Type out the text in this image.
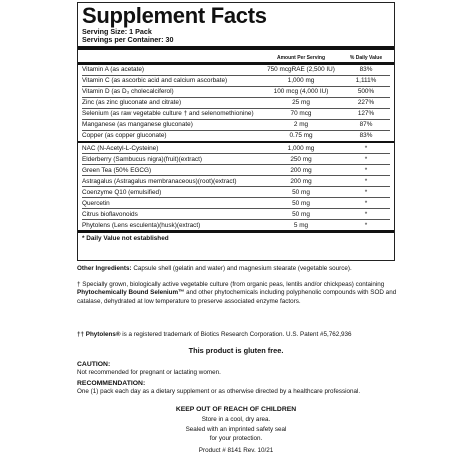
Supplement Facts
Serving Size: 1 Pack
Servings per Container: 30
Amount Per Serving	% Daily Value
Vitamin A (as acetate)	750 mcgRAE (2,500 IU)	83%
Vitamin C (as ascorbic acid and calcium ascorbate)	1,000 mg	1,111%
Vitamin D (as D₃ cholecalciferol)	100 mcg (4,000 IU)	500%
Zinc (as zinc gluconate and citrate)	25 mg	227%
Selenium (as raw vegetable culture † and selenomethionine)	70 mcg	127%
Manganese (as manganese gluconate)	2 mg	87%
Copper (as copper gluconate)	0.75 mg	83%
NAC (N-Acetyl-L-Cysteine)	1,000 mg	*
Elderberry (Sambucus nigra)(fruit)(extract)	250 mg	*
Green Tea (50% EGCG)	200 mg	*
Astragalus (Astragalus membranaceous)(root)(extract)	200 mg	*
Coenzyme Q10 (emulsified)	50 mg	*
Quercetin	50 mg	*
Citrus bioflavonoids	50 mg	*
Phytolens (Lens esculenta)(husk)(extract)	5 mg	*
* Daily Value not established
Other Ingredients: Capsule shell (gelatin and water) and magnesium stearate (vegetable source).
† Specially grown, biologically active vegetable culture (from organic peas, lentils and/or chickpeas) containing Phytochemically Bound Selenium™ and other phytochemicals including polyphenolic compounds with SOD and catalase, dehydrated at low temperature to preserve associated enzyme factors.
†† Phytolens® is a registered trademark of Biotics Research Corporation. U.S. Patent #5,762,936
This product is gluten free.
CAUTION:
Not recommended for pregnant or lactating women.
RECOMMENDATION:
One (1) pack each day as a dietary supplement or as otherwise directed by a healthcare professional.
KEEP OUT OF REACH OF CHILDREN
Store in a cool, dry area.
Sealed with an imprinted safety seal
for your protection.
Product # 8141 Rev. 10/21
